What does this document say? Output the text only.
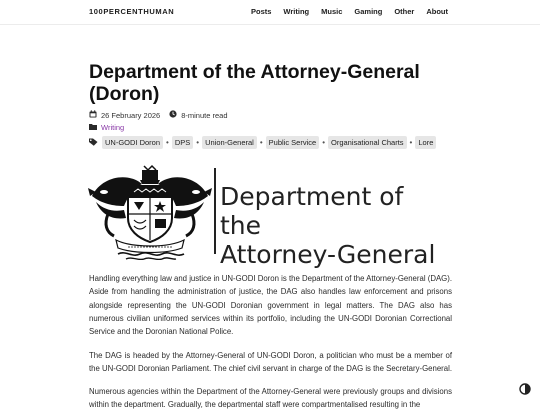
100PERCENTHUMAN	Posts Writing Music Gaming Other About
Department of the Attorney-General (Doron)
26 February 2026	8-minute read
Writing
UN-GODI Doron • DPS • Union-General • Public Service • Organisational Charts • Lore
Department of the
Attorney-General

Handling everything law and justice in UN-GODI Doron is the Department of the Attorney-General (DAG). Aside from handling the administration of justice, the DAG also handles law enforcement and prisons alongside representing the UN-GODI Doronian government in legal matters. The DAG also has numerous civilian uniformed services within its portfolio, including the UN-GODI Doronian Correctional Service and the Doronian National Police.

The DAG is headed by the Attorney-General of UN-GODI Doron, a politician who must be a member of the UN-GODI Doronian Parliament. The chief civil servant in charge of the DAG is the Secretary-General.

Numerous agencies within the Department of the Attorney-General were previously groups and divisions within the department. Gradually, the departmental staff were compartmentalised resulting in the
